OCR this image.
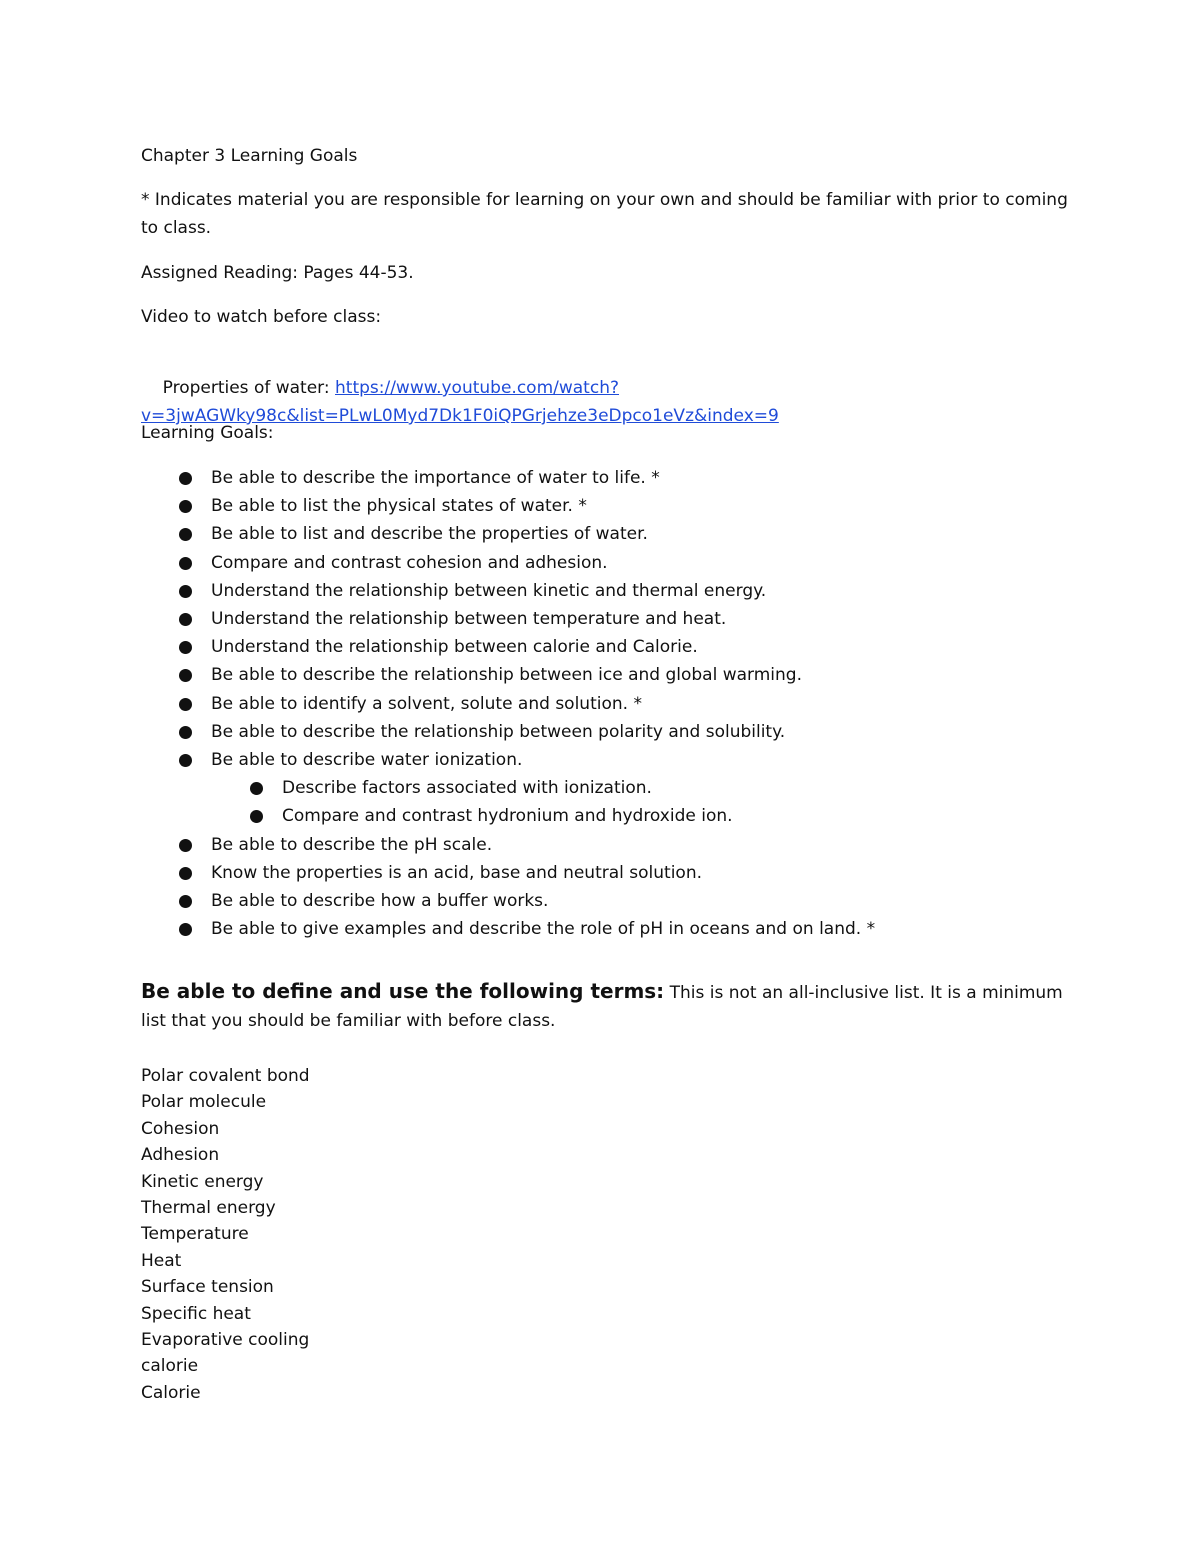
Chapter 3 Learning Goals
* Indicates material you are responsible for learning on your own and should be familiar with prior to coming to class.
Assigned Reading: Pages 44-53.
Video to watch before class:

Properties of water: https://www.youtube.com/watch?v=3jwAGWky98c&list=PLwL0Myd7Dk1F0iQPGrjehze3eDpco1eVz&index=9

Learning Goals:
Be able to describe the importance of water to life. *
Be able to list the physical states of water. *
Be able to list and describe the properties of water.
Compare and contrast cohesion and adhesion.
Understand the relationship between kinetic and thermal energy.
Understand the relationship between temperature and heat.
Understand the relationship between calorie and Calorie.
Be able to describe the relationship between ice and global warming.
Be able to identify a solvent, solute and solution. *
Be able to describe the relationship between polarity and solubility.
Be able to describe water ionization.
Describe factors associated with ionization.
Compare and contrast hydronium and hydroxide ion.
Be able to describe the pH scale.
Know the properties is an acid, base and neutral solution.
Be able to describe how a buffer works.
Be able to give examples and describe the role of pH in oceans and on land. *
Be able to define and use the following terms: This is not an all-inclusive list. It is a minimum list that you should be familiar with before class.
Polar covalent bond
Polar molecule
Cohesion
Adhesion
Kinetic energy
Thermal energy
Temperature
Heat
Surface tension
Specific heat
Evaporative cooling
calorie
Calorie
